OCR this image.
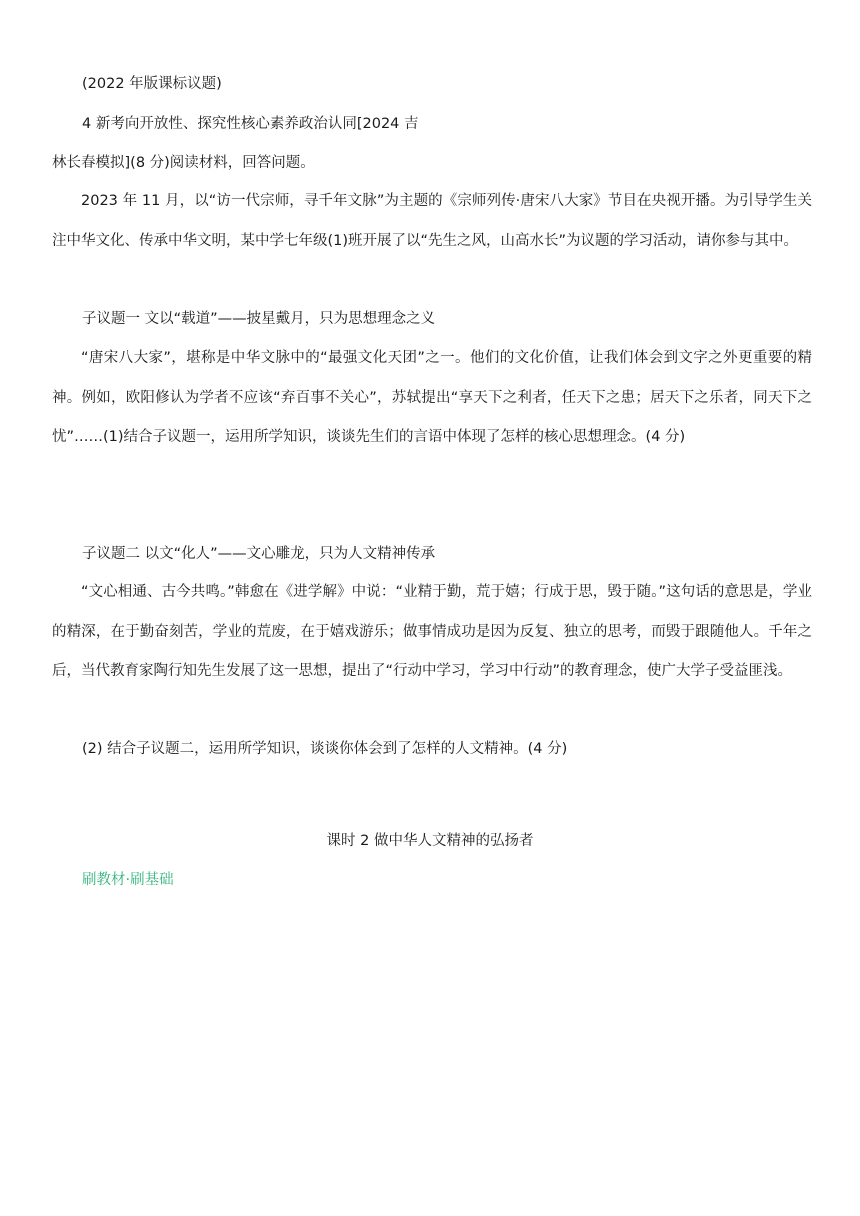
(2022 年版课标议题)
4 新考向开放性、探究性核心素养政治认同[2024 吉
林长春模拟](8 分)阅读材料，回答问题。

2023 年 11 月，以“访一代宗师，寻千年文脉”为主题的《宗师列传·唐宋八大家》节目在央视开播。为引导学生关注中华文化、传承中华文明，某中学七年级(1)班开展了以“先生之风，山高水长”为议题的学习活动，请你参与其中。

子议题一 文以“载道”——披星戴月，只为思想理念之义

“唐宋八大家”，堪称是中华文脉中的“最强文化天团”之一。他们的文化价值，让我们体会到文字之外更重要的精神。例如，欧阳修认为学者不应该“弃百事不关心”，苏轼提出“享天下之利者，任天下之患；居天下之乐者，同天下之忧”……(1)结合子议题一，运用所学知识，谈谈先生们的言语中体现了怎样的核心思想理念。(4 分)

子议题二 以文“化人”——文心雕龙，只为人文精神传承

“文心相通、古今共鸣。”韩愈在《进学解》中说：“业精于勤，荒于嬉；行成于思，毁于随。”这句话的意思是，学业的精深，在于勤奋刻苦，学业的荒废，在于嬉戏游乐；做事情成功是因为反复、独立的思考，而毁于跟随他人。千年之后，当代教育家陶行知先生发展了这一思想，提出了“行动中学习，学习中行动”的教育理念，使广大学子受益匪浅。

(2) 结合子议题二，运用所学知识，谈谈你体会到了怎样的人文精神。(4 分)
课时 2 做中华人文精神的弘扬者
刷教材·刷基础
